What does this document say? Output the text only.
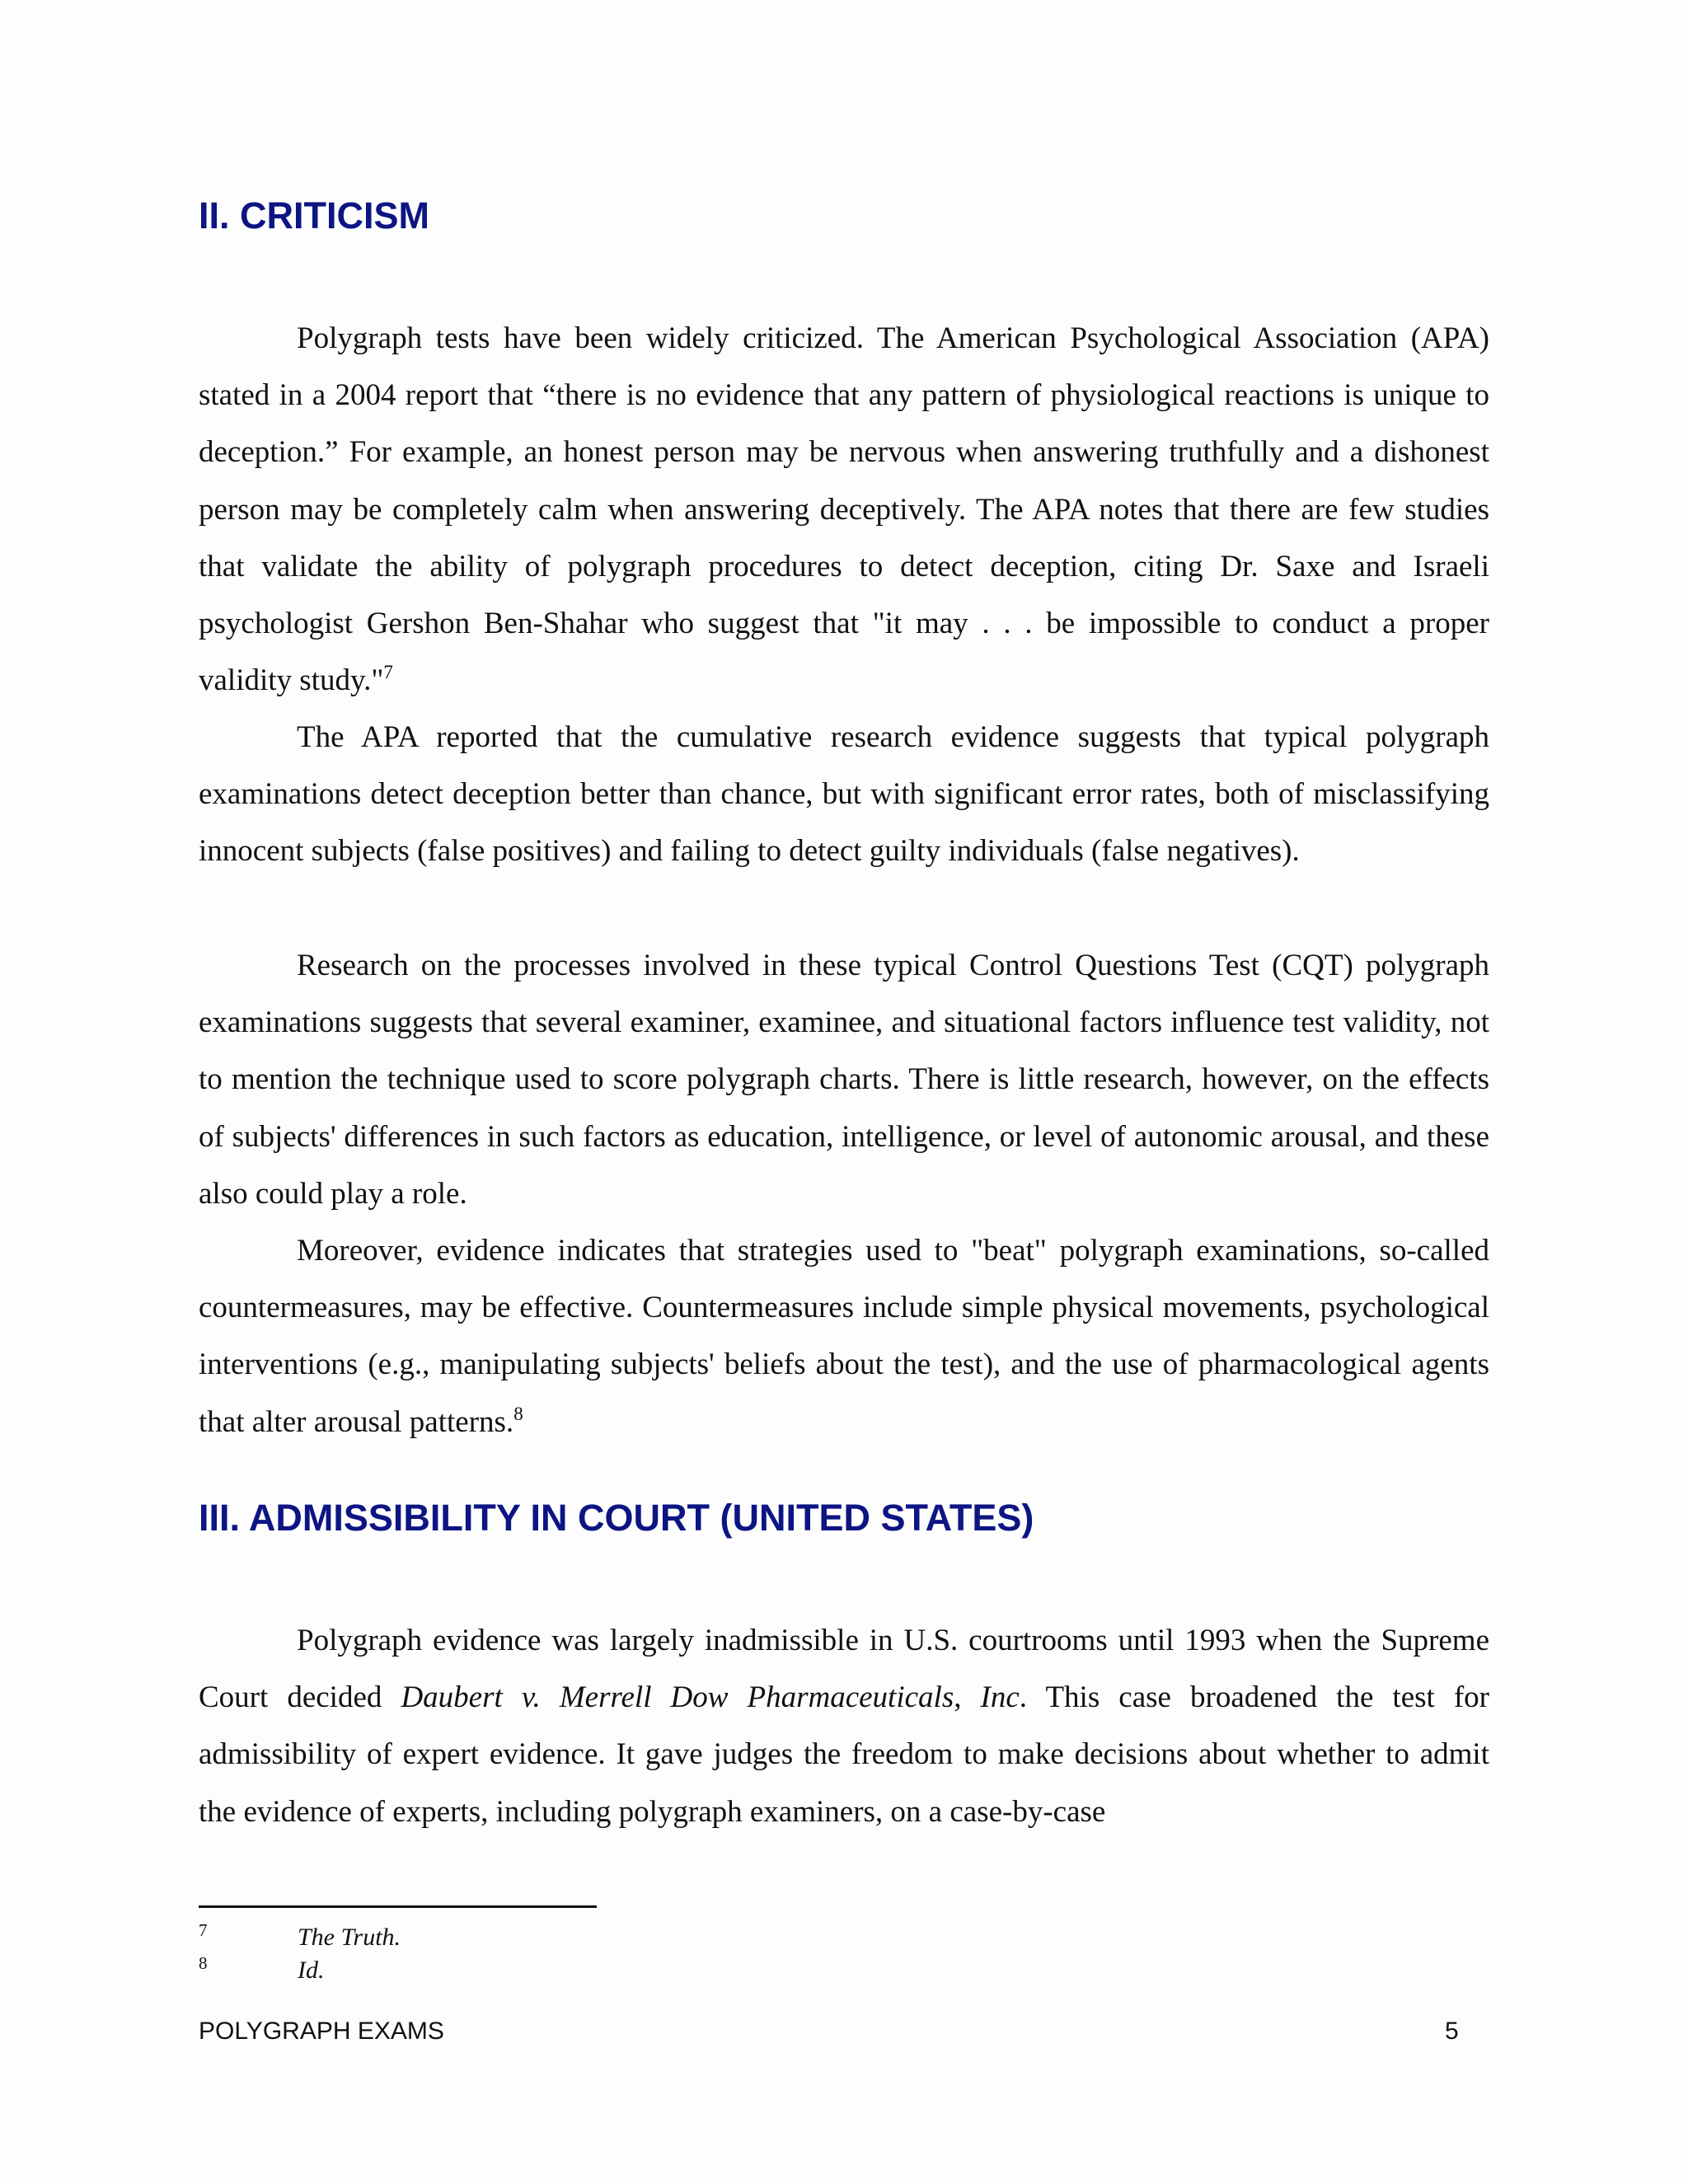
II. CRITICISM

Polygraph tests have been widely criticized. The American Psychological Association (APA) stated in a 2004 report that “there is no evidence that any pattern of physiological reactions is unique to deception.” For example, an honest person may be nervous when answering truthfully and a dishonest person may be completely calm when answering deceptively. The APA notes that there are few studies that validate the ability of polygraph procedures to detect deception, citing Dr. Saxe and Israeli psychologist Gershon Ben-Shahar who suggest that "it may . . . be impossible to conduct a proper validity study."$^7$

The APA reported that the cumulative research evidence suggests that typical polygraph examinations detect deception better than chance, but with significant error rates, both of misclassifying innocent subjects (false positives) and failing to detect guilty individuals (false negatives).

Research on the processes involved in these typical Control Questions Test (CQT) polygraph examinations suggests that several examiner, examinee, and situational factors influence test validity, not to mention the technique used to score polygraph charts. There is little research, however, on the effects of subjects' differences in such factors as education, intelligence, or level of autonomic arousal, and these also could play a role.

Moreover, evidence indicates that strategies used to "beat" polygraph examinations, so-called countermeasures, may be effective. Countermeasures include simple physical movements, psychological interventions (e.g., manipulating subjects' beliefs about the test), and the use of pharmacological agents that alter arousal patterns.$^8$

III. ADMISSIBILITY IN COURT (UNITED STATES)

Polygraph evidence was largely inadmissible in U.S. courtrooms until 1993 when the Supreme Court decided Daubert v. Merrell Dow Pharmaceuticals, Inc. This case broadened the test for admissibility of expert evidence. It gave judges the freedom to make decisions about whether to admit the evidence of experts, including polygraph examiners, on a case-by-case

7	The Truth.
8	Id.
POLYGRAPH EXAMS	5
